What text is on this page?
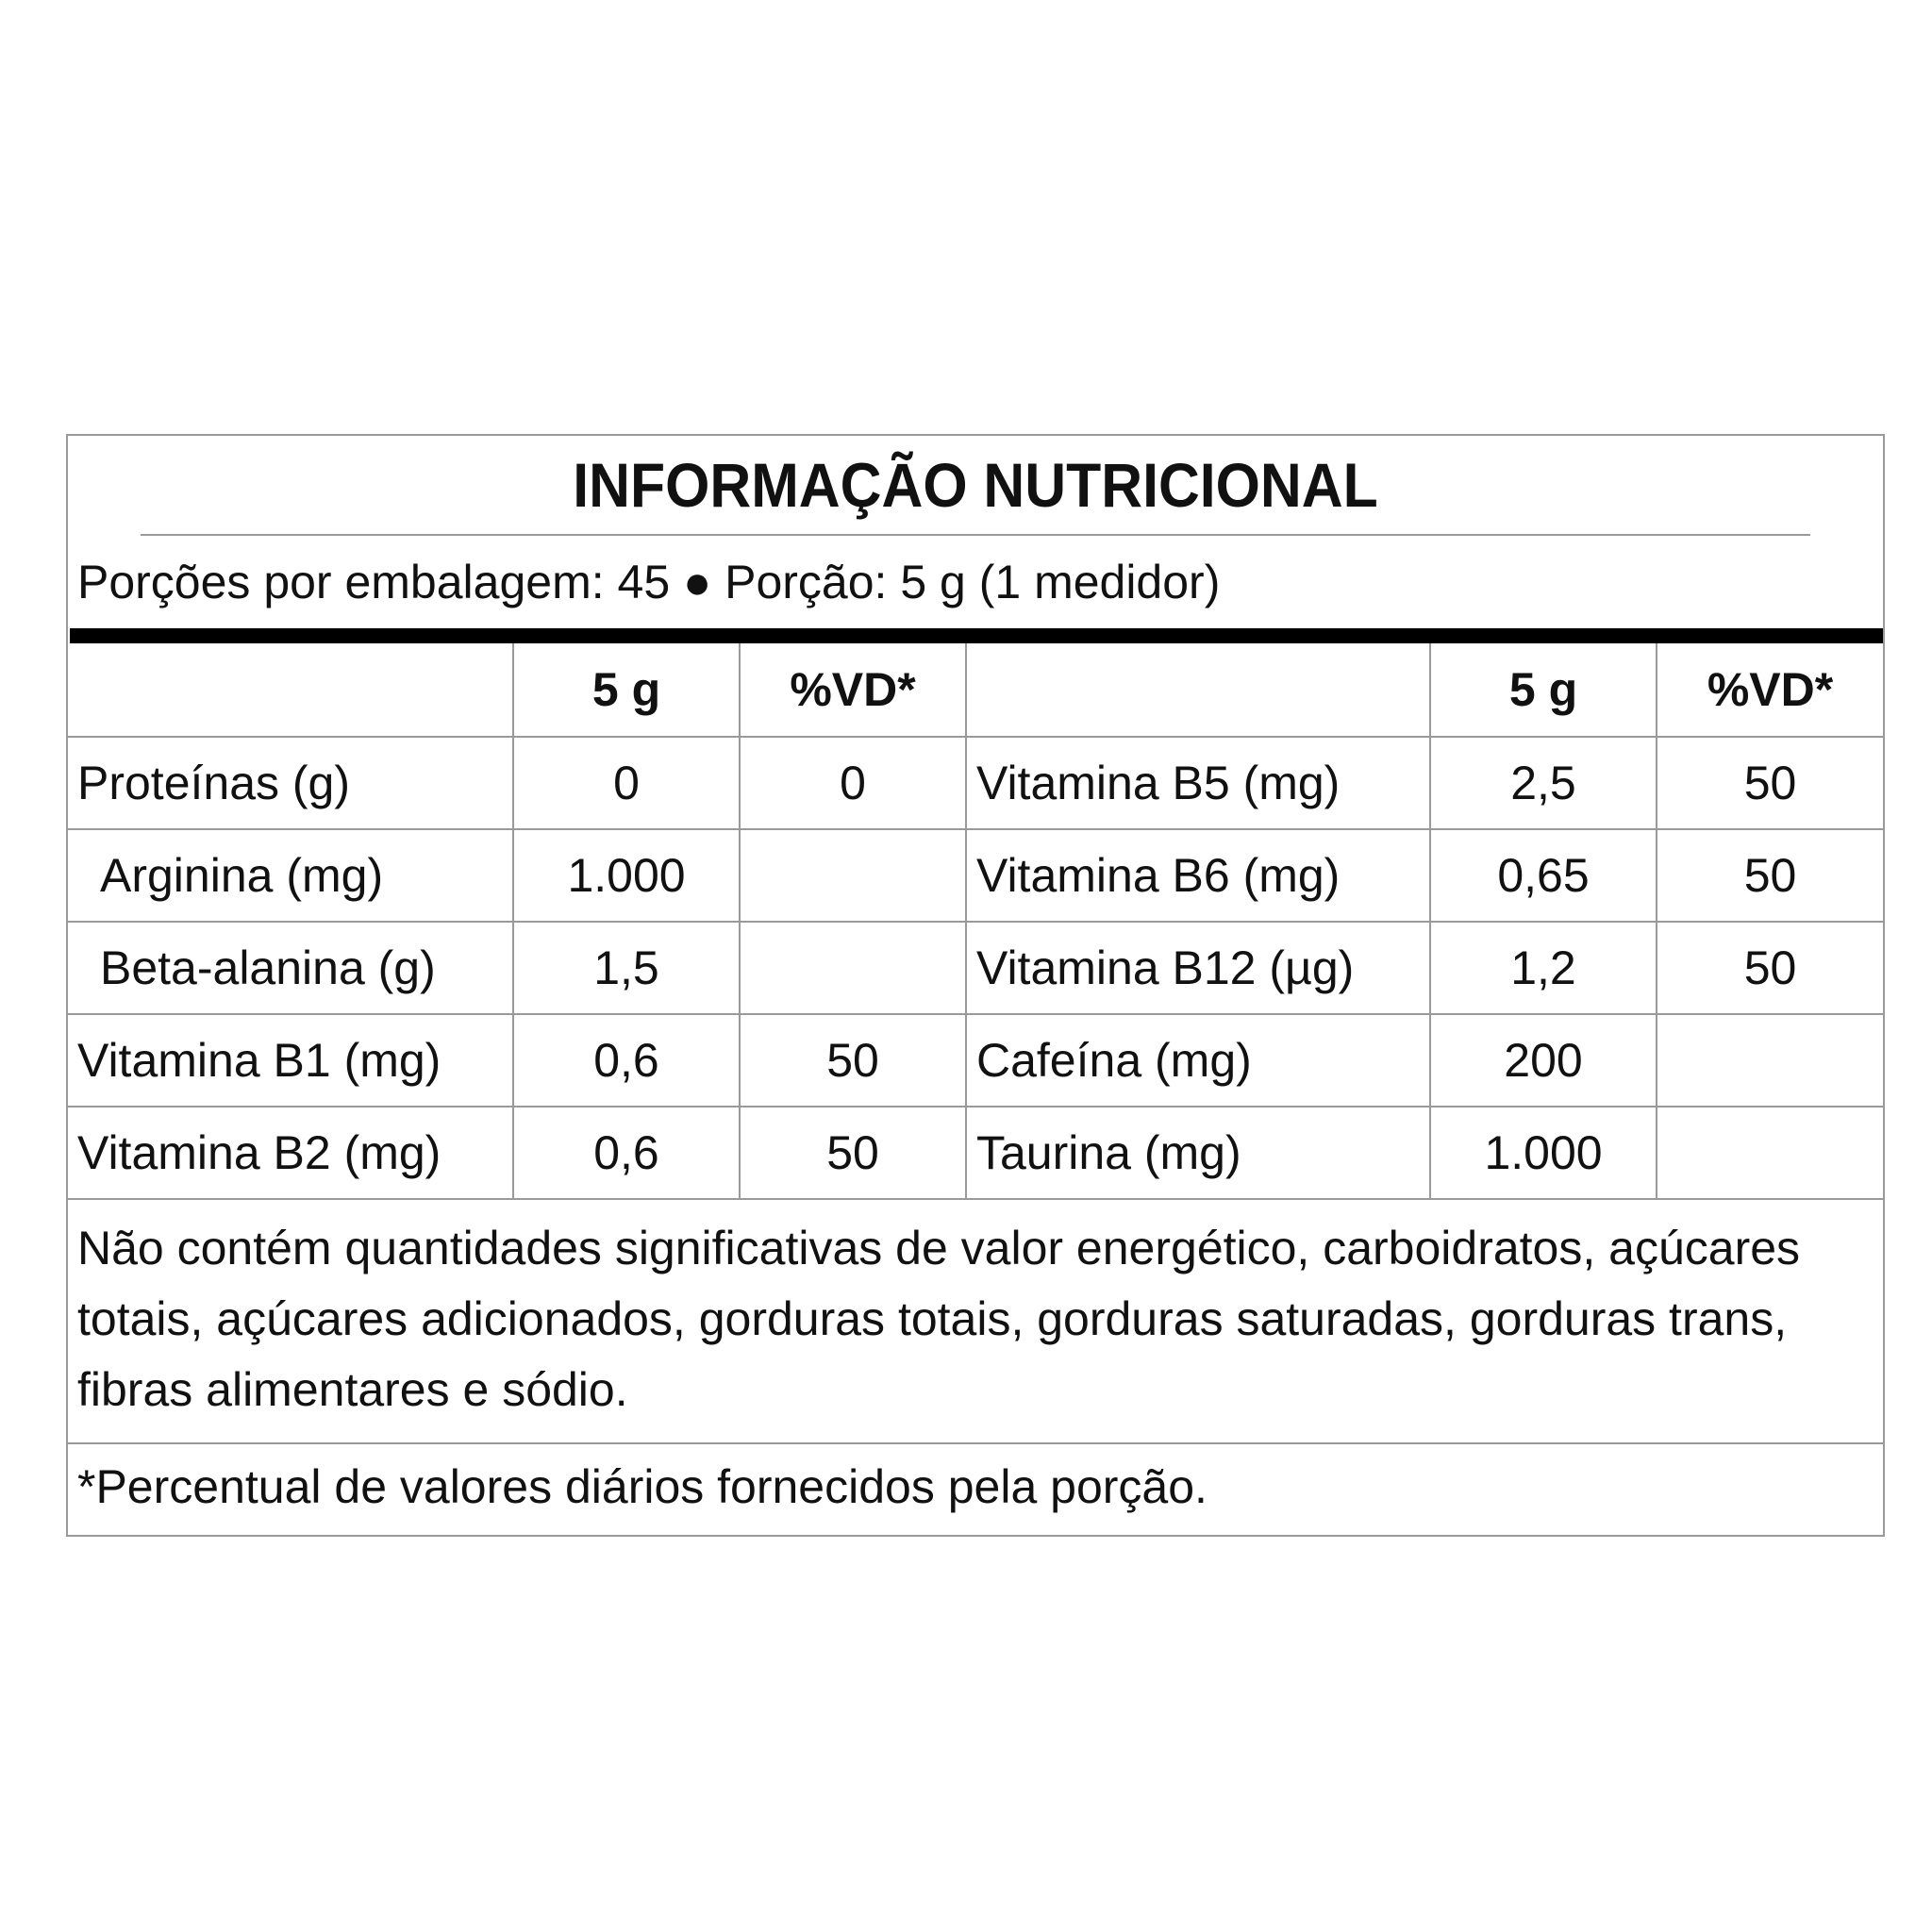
INFORMAÇÃO NUTRICIONAL
Porções por embalagem: 45 ● Porção: 5 g (1 medidor)
	5 g	%VD*		5 g	%VD*
Proteínas (g)	0	0	Vitamina B5 (mg)	2,5	50
Arginina (mg)	1.000		Vitamina B6 (mg)	0,65	50
Beta-alanina (g)	1,5		Vitamina B12 (µg)	1,2	50
Vitamina B1 (mg)	0,6	50	Cafeína (mg)	200	
Vitamina B2 (mg)	0,6	50	Taurina (mg)	1.000	
Não contém quantidades significativas de valor energético, carboidratos, açúcares totais, açúcares adicionados, gorduras totais, gorduras saturadas, gorduras trans, fibras alimentares e sódio.
*Percentual de valores diários fornecidos pela porção.
